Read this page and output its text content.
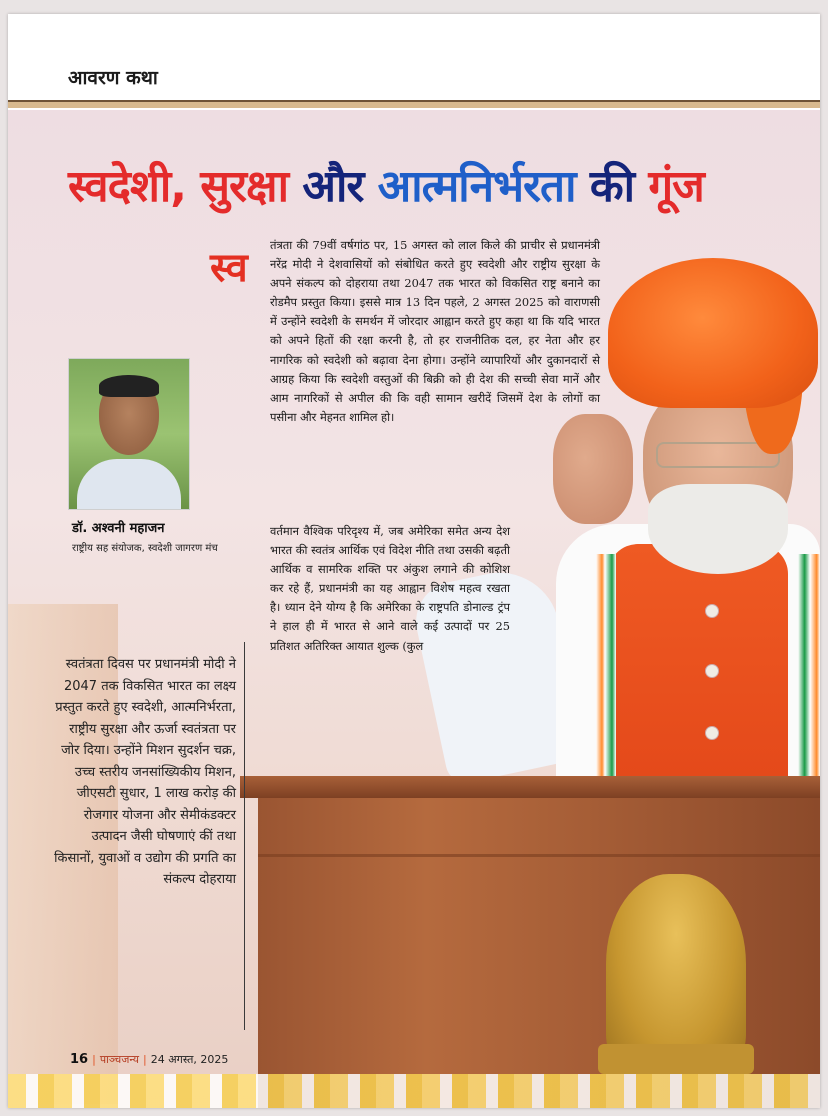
आवरण कथा
स्वदेशी, सुरक्षा और आत्मनिर्भरता की गूंज
डॉ. अश्वनी महाजन
राष्ट्रीय सह संयोजक, स्वदेशी जागरण मंच
स्व तंत्रता की 79वीं वर्षगांठ पर, 15 अगस्त को लाल किले की प्राचीर से प्रधानमंत्री नरेंद्र मोदी ने देशवासियों को संबोधित करते हुए स्वदेशी और राष्ट्रीय सुरक्षा के अपने संकल्प को दोहराया तथा 2047 तक भारत को विकसित राष्ट्र बनाने का रोडमैप प्रस्तुत किया। इससे मात्र 13 दिन पहले, 2 अगस्त 2025 को वाराणसी में उन्होंने स्वदेशी के समर्थन में जोरदार आह्वान करते हुए कहा था कि यदि भारत को अपने हितों की रक्षा करनी है, तो हर राजनीतिक दल, हर नेता और हर नागरिक को स्वदेशी को बढ़ावा देना होगा। उन्होंने व्यापारियों और दुकानदारों से आग्रह किया कि स्वदेशी वस्तुओं की बिक्री को ही देश की सच्ची सेवा मानें और आम नागरिकों से अपील की कि वही सामान खरीदें जिसमें देश के लोगों का पसीना और मेहनत शामिल हो।

वर्तमान वैश्विक परिदृश्य में, जब अमेरिका समेत अन्य देश भारत की स्वतंत्र आर्थिक एवं विदेश नीति तथा उसकी बढ़ती आर्थिक व सामरिक शक्ति पर अंकुश लगाने की कोशिश कर रहे हैं, प्रधानमंत्री का यह आह्वान विशेष महत्व रखता है। ध्यान देने योग्य है कि अमेरिका के राष्ट्रपति डोनाल्ड ट्रंप ने हाल ही में भारत से आने वाले कई उत्पादों पर 25 प्रतिशत अतिरिक्त आयात शुल्क (कुल
स्वतंत्रता दिवस पर प्रधानमंत्री मोदी ने 2047 तक विकसित भारत का लक्ष्य प्रस्तुत करते हुए स्वदेशी, आत्मनिर्भरता, राष्ट्रीय सुरक्षा और ऊर्जा स्वतंत्रता पर जोर दिया। उन्होंने मिशन सुदर्शन चक्र, उच्च स्तरीय जनसांख्यिकीय मिशन, जीएसटी सुधार, 1 लाख करोड़ की रोजगार योजना और सेमीकंडक्टर उत्पादन जैसी घोषणाएं कीं तथा किसानों, युवाओं व उद्योग की प्रगति का संकल्प दोहराया
16 | पाञ्चजन्य | 24 अगस्त, 2025
